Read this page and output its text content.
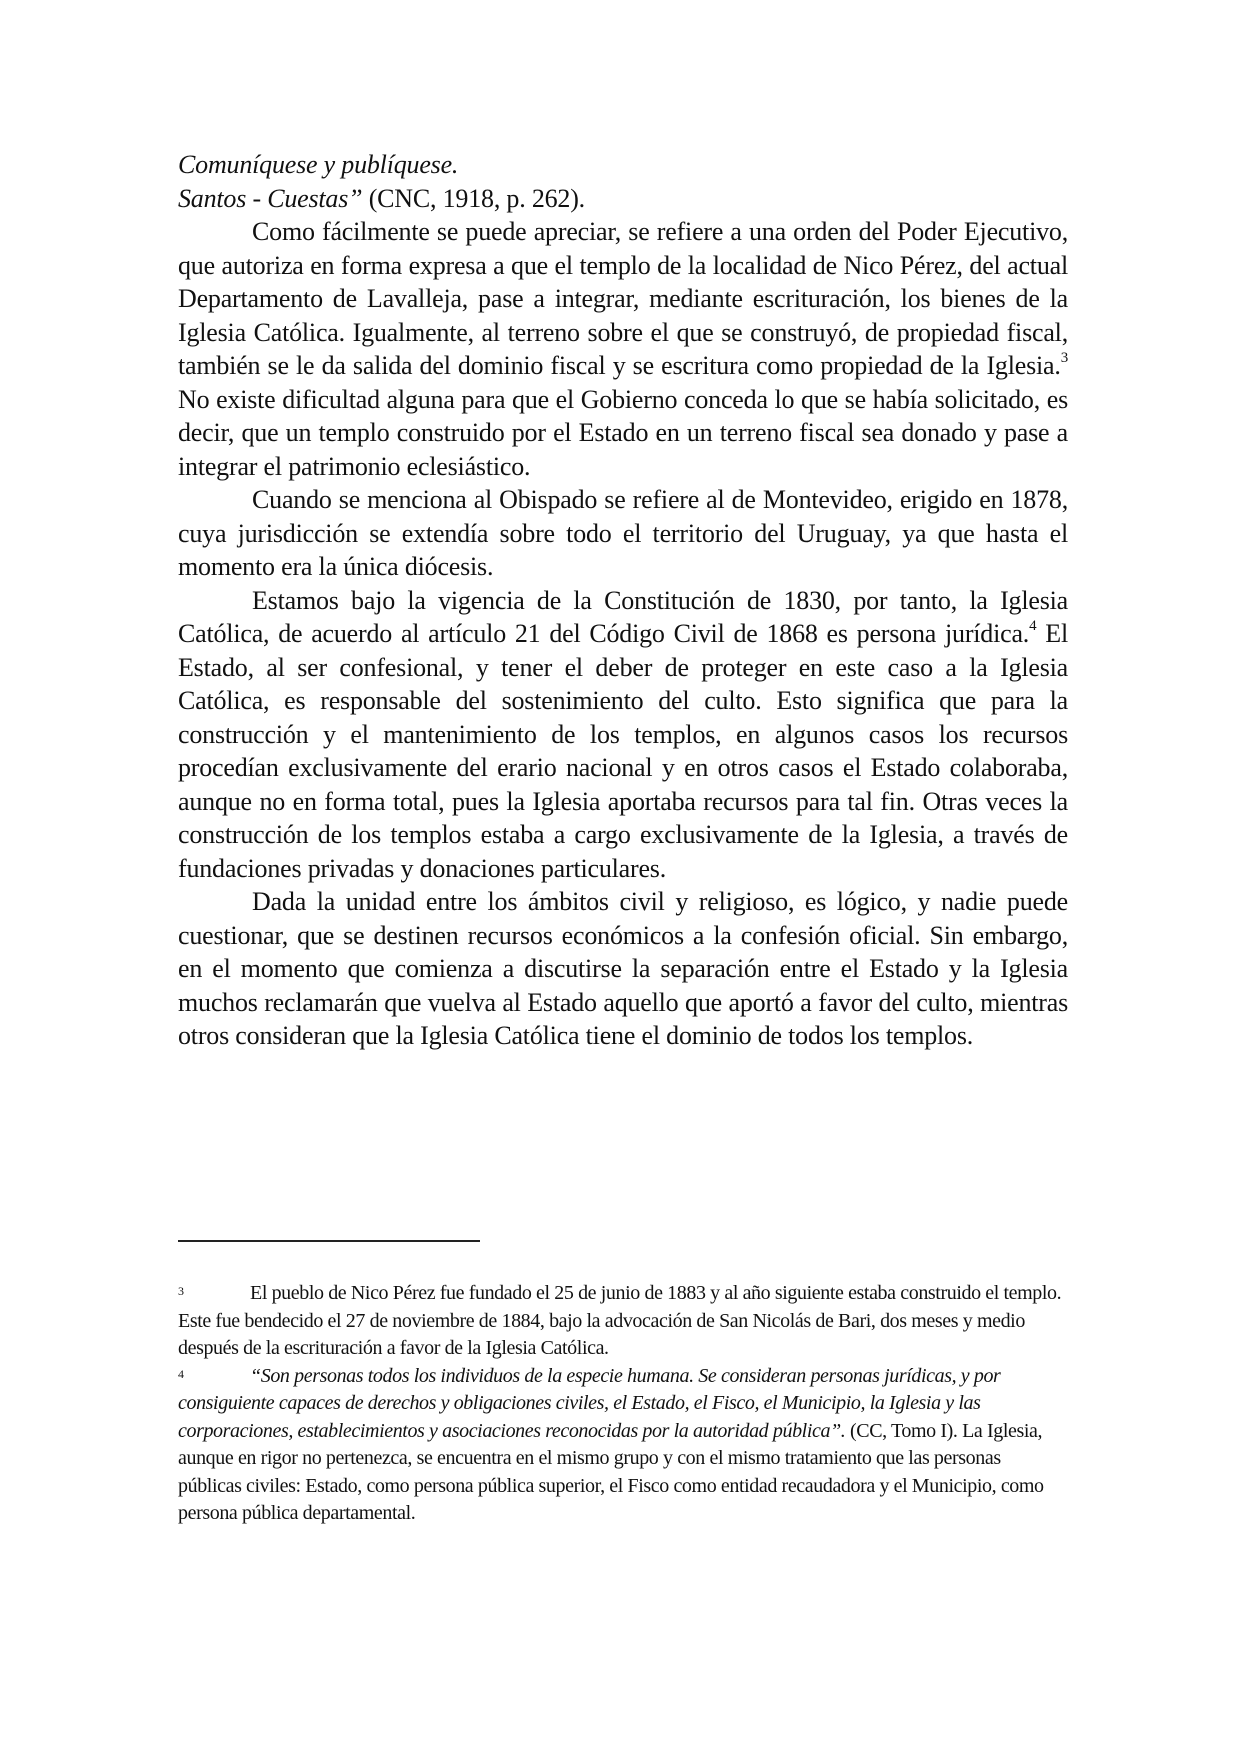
Comuníquese y publíquese.

Santos - Cuestas” (CNC, 1918, p. 262).

Como fácilmente se puede apreciar, se refiere a una orden del Poder Ejecutivo, que autoriza en forma expresa a que el templo de la localidad de Nico Pérez, del actual Departamento de Lavalleja, pase a integrar, mediante escrituración, los bienes de la Iglesia Católica. Igualmente, al terreno sobre el que se construyó, de propiedad fiscal, también se le da salida del dominio fiscal y se escritura como propiedad de la Iglesia.$^3$ No existe dificultad alguna para que el Gobierno conceda lo que se había solicitado, es decir, que un templo construido por el Estado en un terreno fiscal sea donado y pase a integrar el patrimonio eclesiástico.

Cuando se menciona al Obispado se refiere al de Montevideo, erigido en 1878, cuya jurisdicción se extendía sobre todo el territorio del Uruguay, ya que hasta el momento era la única diócesis.

Estamos bajo la vigencia de la Constitución de 1830, por tanto, la Iglesia Católica, de acuerdo al artículo 21 del Código Civil de 1868 es persona jurídica.$^4$ El Estado, al ser confesional, y tener el deber de proteger en este caso a la Iglesia Católica, es responsable del sostenimiento del culto. Esto significa que para la construcción y el mantenimiento de los templos, en algunos casos los recursos procedían exclusivamente del erario nacional y en otros casos el Estado colaboraba, aunque no en forma total, pues la Iglesia aportaba recursos para tal fin. Otras veces la construcción de los templos estaba a cargo exclusivamente de la Iglesia, a través de fundaciones privadas y donaciones particulares.

Dada la unidad entre los ámbitos civil y religioso, es lógico, y nadie puede cuestionar, que se destinen recursos económicos a la confesión oficial. Sin embargo, en el momento que comienza a discutirse la separación entre el Estado y la Iglesia muchos reclamarán que vuelva al Estado aquello que aportó a favor del culto, mientras otros consideran que la Iglesia Católica tiene el dominio de todos los templos.

3	El pueblo de Nico Pérez fue fundado el 25 de junio de 1883 y al año siguiente estaba construido el templo. Este fue bendecido el 27 de noviembre de 1884, bajo la advocación de San Nicolás de Bari, dos meses y medio después de la escrituración a favor de la Iglesia Católica.

4	“Son personas todos los individuos de la especie humana. Se consideran personas jurídicas, y por consiguiente capaces de derechos y obligaciones civiles, el Estado, el Fisco, el Municipio, la Iglesia y las corporaciones, establecimientos y asociaciones reconocidas por la autoridad pública”. (CC, Tomo I). La Iglesia, aunque en rigor no pertenezca, se encuentra en el mismo grupo y con el mismo tratamiento que las personas públicas civiles: Estado, como persona pública superior, el Fisco como entidad recaudadora y el Municipio, como persona pública departamental.
